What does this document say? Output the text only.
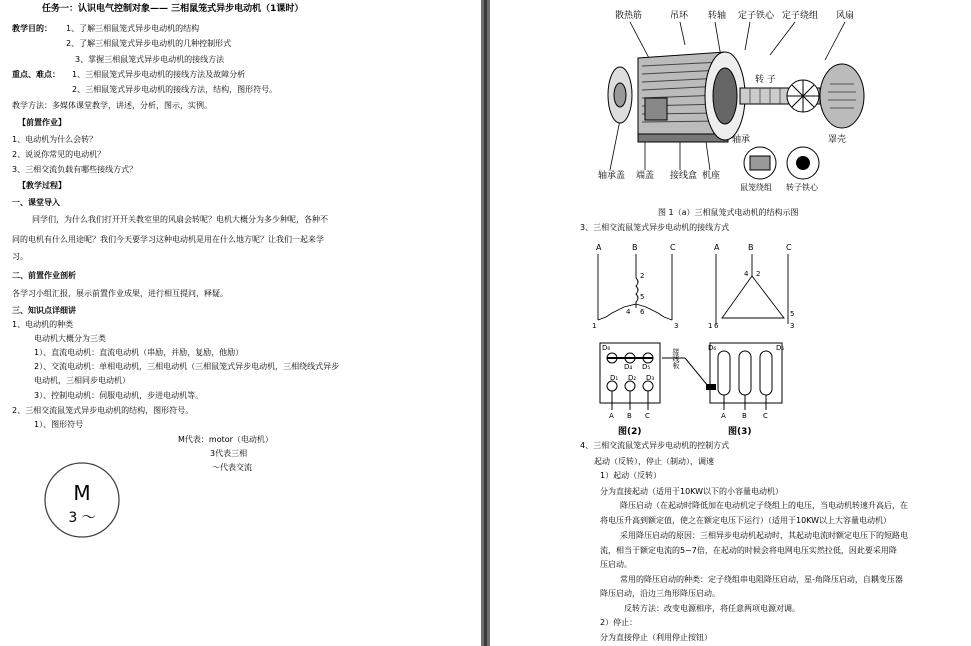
任务一：认识电气控制对象—— 三相鼠笼式异步电动机（1课时）
教学目的： 1、了解三相鼠笼式异步电动机的结构
2、了解三相鼠笼式异步电动机的几种控制形式
3、掌握三相鼠笼式异步电动机的接线方法
重点、难点： 1、三相鼠笼式异步电动机的接线方法及故障分析
2、三相鼠笼式异步电动机的接线方法，结构，图形符号。
教学方法：多媒体课堂教学，讲述，分析，图示，实例。
【前置作业】
1、电动机为什么会转？
2、说说你常见的电动机？
3、三相交流负载有哪些接线方式？
【教学过程】
一、课堂导入
同学们，为什么我们打开开关教室里的风扇会转呢？电机大概分为多少种呢，各种不
同的电机有什么用途呢？我们今天要学习这种电动机是用在什么地方呢？让我们一起来学
习。
二、前置作业剖析
各学习小组汇报，展示前置作业成果，进行相互提问，释疑。
三、知识点详细讲
1、电动机的种类
电动机大概分为三类
1）、直流电动机：直流电动机（串励，并励，复励，他励）
2）、交流电动机：单相电动机，三相电动机（三相鼠笼式异步电动机，三相绕线式异步
电动机，三相同步电动机）
3）、控制电动机：伺服电动机，步进电动机等。
2、三相交流鼠笼式异步电动机的结构，图形符号。
1）、图形符号
M代表：motor（电动机）
3代表三相
～代表交流
M
3 ～
散热筋	吊环 转轴 定子铁心 定子绕组 风扇
转 子
罩壳
轴承
轴承盖 端盖 接线盒 机座
鼠笼绕组 转子铁心
图 1（a）三相鼠笼式电动机的结构示图
3、三相交流鼠笼式异步电动机的接线方式
A	B	C	A	B	C
2
5
4 6
1	3
4 2
1 6
5
3
D₆
D₄ D₅
D₁ D₂ D₃
D₆	D₅
接线板
A B C	A B C
图(2)	图(3)
4、三相交流鼠笼式异步电动机的控制方式
起动（反转），停止（制动），调速
1）起动（反转）
分为直接起动（适用于10KW以下的小容量电动机）
降压启动（在起动时降低加在电动机定子绕组上的电压，当电动机转速升高后，在
将电压升高到额定值，使之在额定电压下运行）（适用于10KW以上大容量电动机）
采用降压启动的原因：三相异步电动机起动时，其起动电流时额定电压下的短路电
流，相当于额定电流的5~7倍，在起动的时候会将电网电压实然拉低，因此要采用降
压启动。
常用的降压启动的种类：定子绕组串电阻降压启动，星-角降压启动，自耦变压器
降压启动，沿边三角形降压启动。
反转方法：改变电源相序，将任意两项电源对调。
2）停止：
分为直接停止（利用停止按钮）
